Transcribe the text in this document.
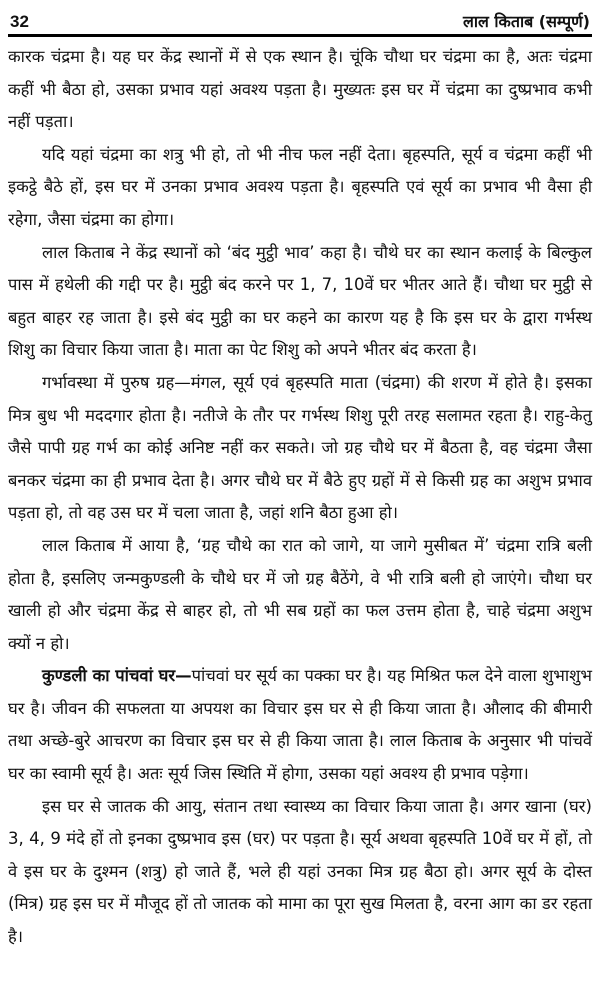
32	लाल किताब (सम्पूर्ण)

कारक चंद्रमा है। यह घर केंद्र स्थानों में से एक स्थान है। चूंकि चौथा घर चंद्रमा का है, अतः चंद्रमा कहीं भी बैठा हो, उसका प्रभाव यहां अवश्य पड़ता है। मुख्यतः इस घर में चंद्रमा का दुष्प्रभाव कभी नहीं पड़ता।

यदि यहां चंद्रमा का शत्रु भी हो, तो भी नीच फल नहीं देता। बृहस्पति, सूर्य व चंद्रमा कहीं भी इकट्ठे बैठे हों, इस घर में उनका प्रभाव अवश्य पड़ता है। बृहस्पति एवं सूर्य का प्रभाव भी वैसा ही रहेगा, जैसा चंद्रमा का होगा।

लाल किताब ने केंद्र स्थानों को ‘बंद मुट्ठी भाव’ कहा है। चौथे घर का स्थान कलाई के बिल्कुल पास में हथेली की गद्दी पर है। मुट्ठी बंद करने पर 1, 7, 10वें घर भीतर आते हैं। चौथा घर मुट्ठी से बहुत बाहर रह जाता है। इसे बंद मुट्ठी का घर कहने का कारण यह है कि इस घर के द्वारा गर्भस्थ शिशु का विचार किया जाता है। माता का पेट शिशु को अपने भीतर बंद करता है।

गर्भावस्था में पुरुष ग्रह—मंगल, सूर्य एवं बृहस्पति माता (चंद्रमा) की शरण में होते है। इसका मित्र बुध भी मददगार होता है। नतीजे के तौर पर गर्भस्थ शिशु पूरी तरह सलामत रहता है। राहु-केतु जैसे पापी ग्रह गर्भ का कोई अनिष्ट नहीं कर सकते। जो ग्रह चौथे घर में बैठता है, वह चंद्रमा जैसा बनकर चंद्रमा का ही प्रभाव देता है। अगर चौथे घर में बैठे हुए ग्रहों में से किसी ग्रह का अशुभ प्रभाव पड़ता हो, तो वह उस घर में चला जाता है, जहां शनि बैठा हुआ हो।

लाल किताब में आया है, ‘ग्रह चौथे का रात को जागे, या जागे मुसीबत में’ चंद्रमा रात्रि बली होता है, इसलिए जन्मकुण्डली के चौथे घर में जो ग्रह बैठेंगे, वे भी रात्रि बली हो जाएंगे। चौथा घर खाली हो और चंद्रमा केंद्र से बाहर हो, तो भी सब ग्रहों का फल उत्तम होता है, चाहे चंद्रमा अशुभ क्यों न हो।

कुण्डली का पांचवां घर—पांचवां घर सूर्य का पक्का घर है। यह मिश्रित फल देने वाला शुभाशुभ घर है। जीवन की सफलता या अपयश का विचार इस घर से ही किया जाता है। औलाद की बीमारी तथा अच्छे-बुरे आचरण का विचार इस घर से ही किया जाता है। लाल किताब के अनुसार भी पांचवें घर का स्वामी सूर्य है। अतः सूर्य जिस स्थिति में होगा, उसका यहां अवश्य ही प्रभाव पड़ेगा।

इस घर से जातक की आयु, संतान तथा स्वास्थ्य का विचार किया जाता है। अगर खाना (घर) 3, 4, 9 मंदे हों तो इनका दुष्प्रभाव इस (घर) पर पड़ता है। सूर्य अथवा बृहस्पति 10वें घर में हों, तो वे इस घर के दुश्मन (शत्रु) हो जाते हैं, भले ही यहां उनका मित्र ग्रह बैठा हो। अगर सूर्य के दोस्त (मित्र) ग्रह इस घर में मौजूद हों तो जातक को मामा का पूरा सुख मिलता है, वरना आग का डर रहता है।
